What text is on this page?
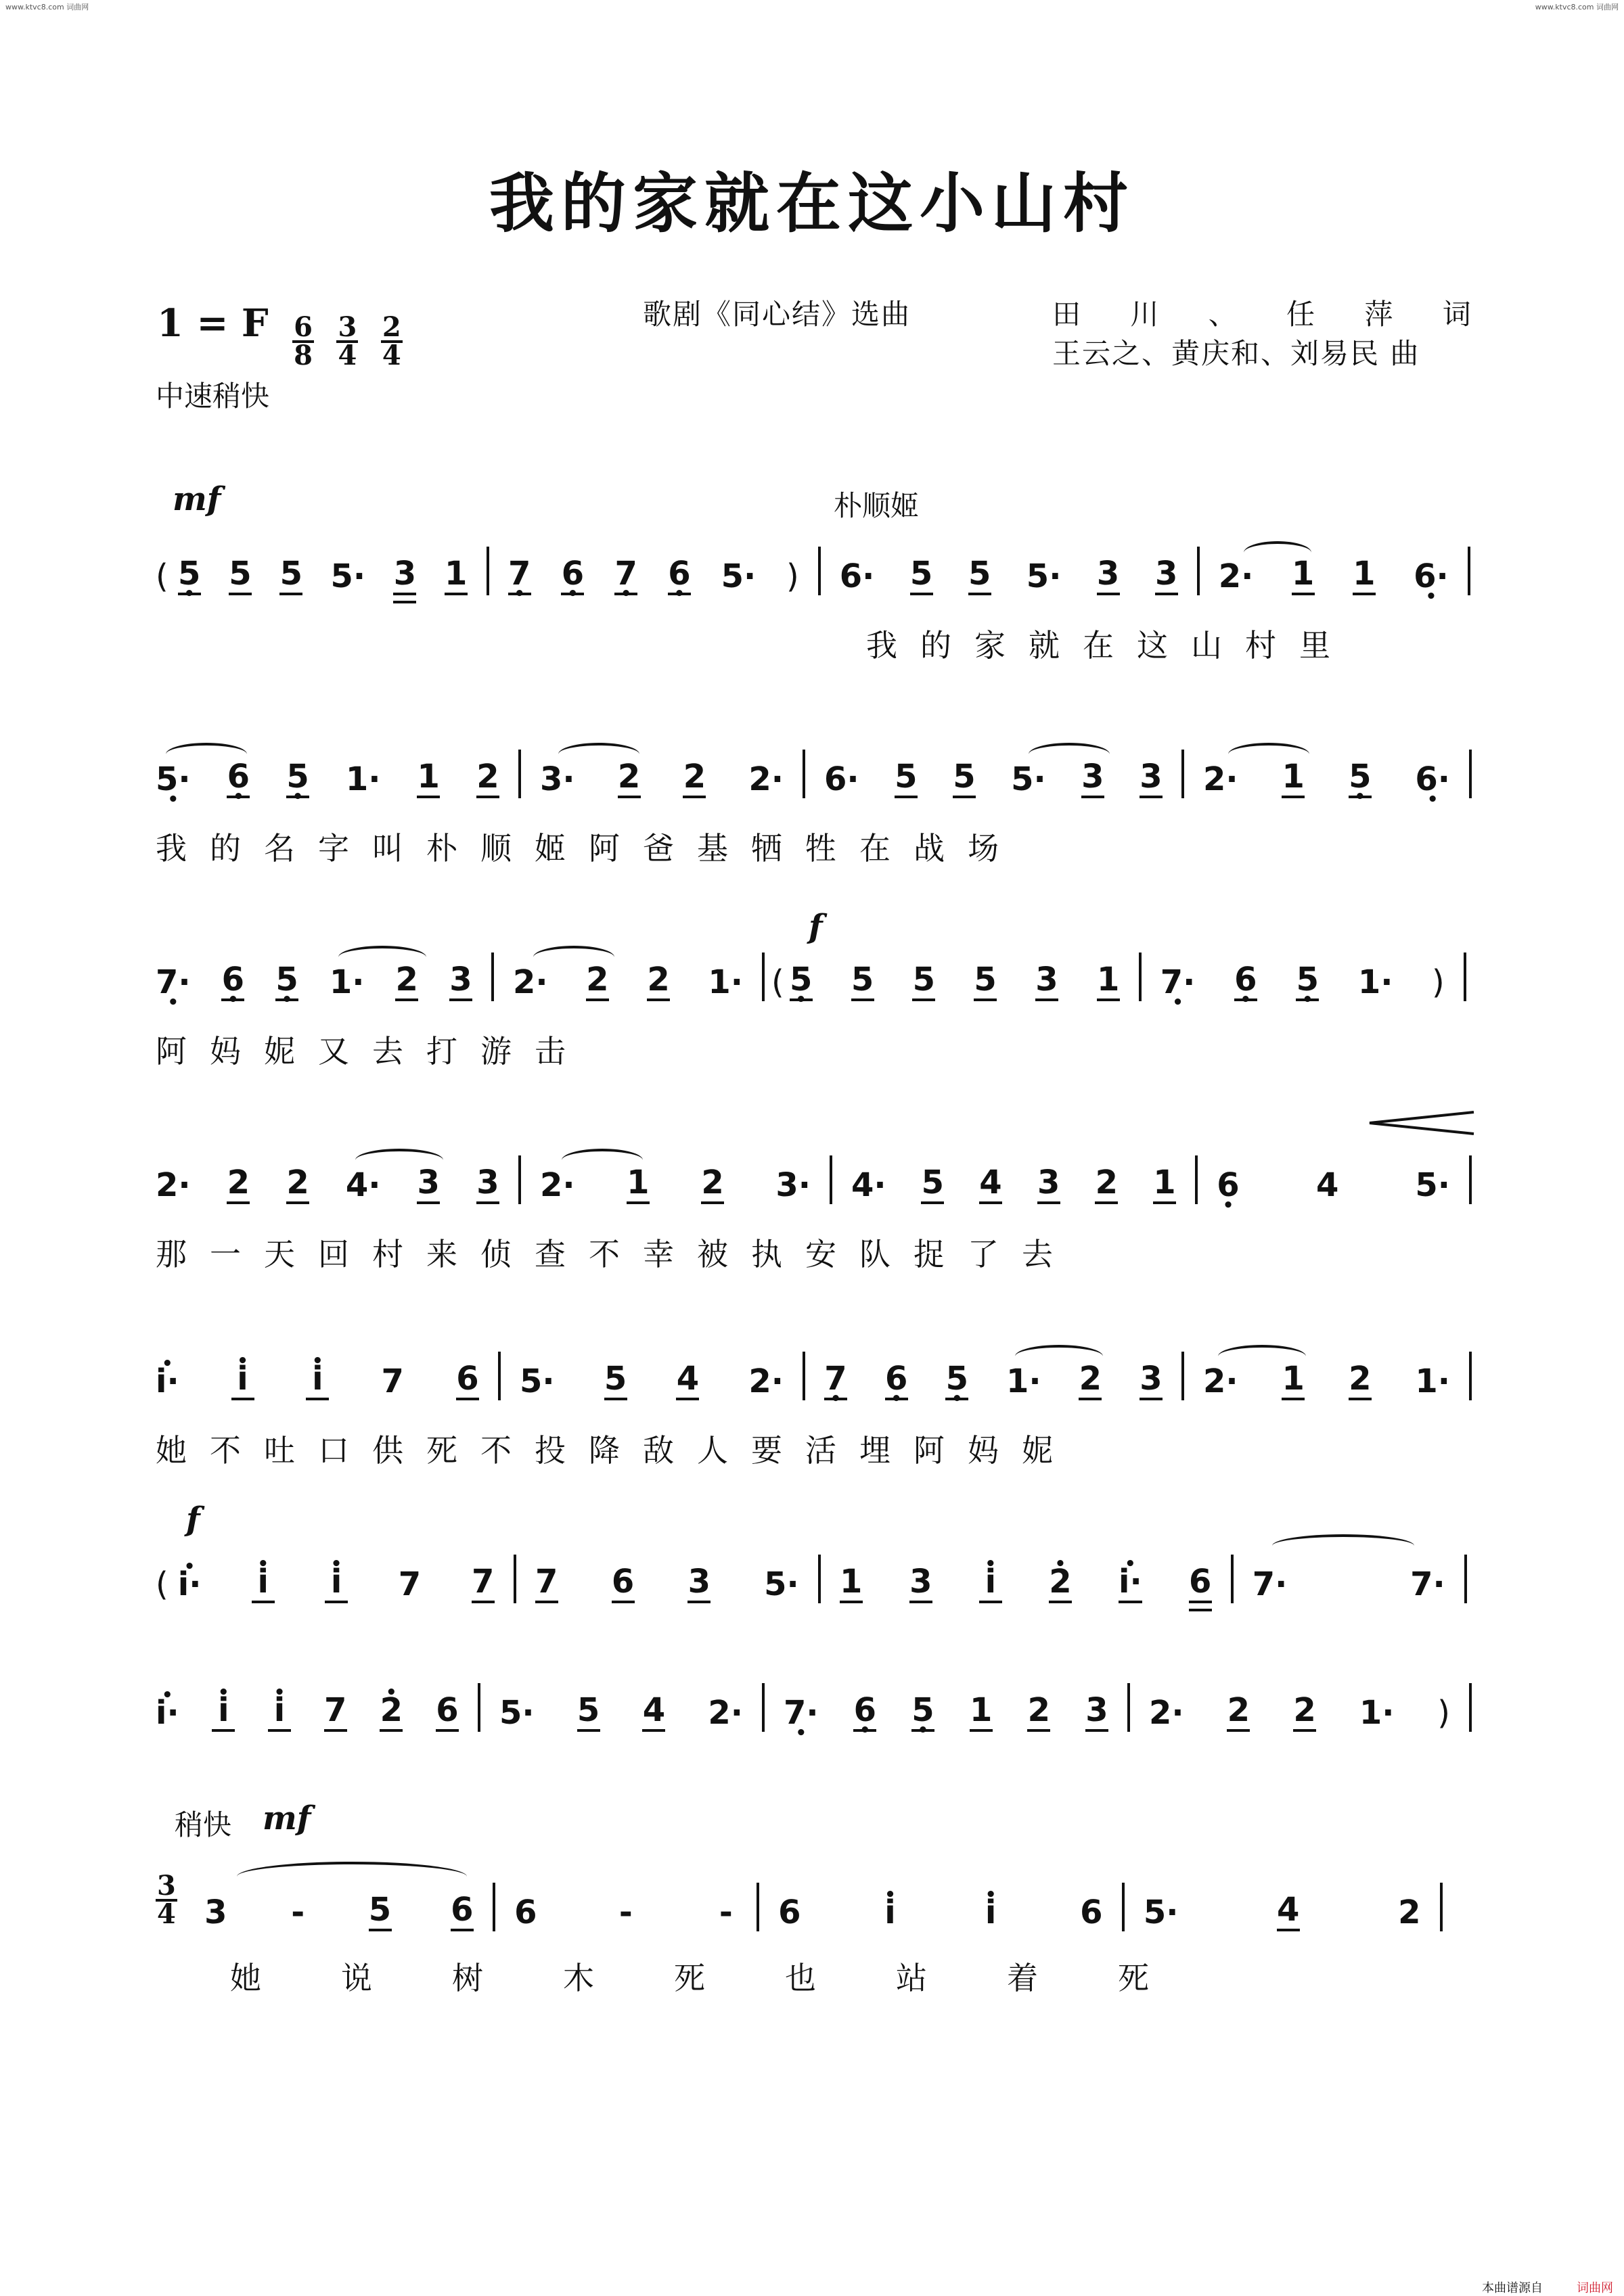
www.ktvc8.com 词曲网	www.ktvc8.com 词曲网
我的家就在这小山村
1 = F $\frac{6}{8}$
$\frac{3}{4}$
$\frac{2}{4}$
歌剧《同心结》选曲	田 川 、 任 萍 词
王云之、黄庆和、刘易民 曲
中速稍快
mf	朴顺姬
f
f
稍快 mf
( 5 • 5 5 5· 3 1 7 • 6 • 7 • 6 • 5· ) 6· 5 5 5· 3 3 2· 1 1 6· •
我的家就在这山村里
5· • 6 • 5 • 1· 1 2 3· 2 2 2· 6· 5 5 5· 3 3 2· 1 5 • 6· •
我的名字叫朴顺姬阿爸基牺牲在战场
7· • 6 • 5 • 1· 2 3 2· 2 2 1· ( 5 • 5 5 5 3 1 7· • 6 • 5 • 1· )
阿妈妮又去打游击
2· 2 2 4· 3 3 2· 1 2 3· 4· 5 4 3 2 1 6 • 4 5·
那一天回村来侦查不幸被执安队捉了去
• i· • i • i 7 6 5· 5 4 2· 7 • 6 • 5 • 1· 2 3 2· 1 2 1·
她不吐口供死不投降敌人要活埋阿妈妮
( • i· • i • i 7 7 7 6 3 5· 1 3 • i • 2 • i· 6 7·	7·
• i· • i • i 7 • 2 6 5· 5 4 2· 7· • 6 • 5 • 1 2 3 2· 2 2 1· )
$\frac{3}{4} 3 - 5$ 6 6	-	- 6	• i	• i	6 5·	4	2
她说树木死也站着死
本曲谱源自	词曲网
